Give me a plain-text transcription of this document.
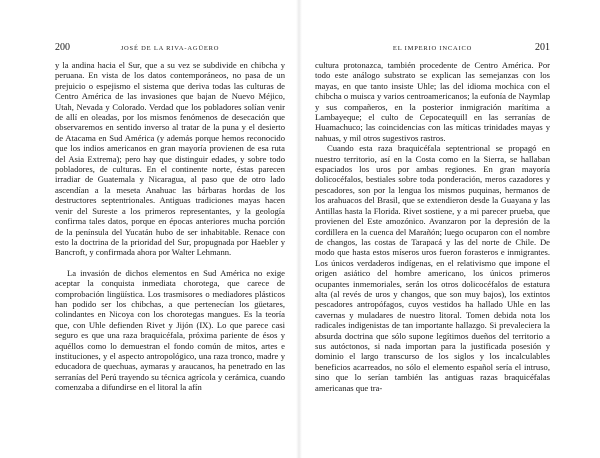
200	JOSÉ DE LA RIVA-AGÜERO

y la andina hacia el Sur, que a su vez se subdivide en chibcha y peruana. En vista de los datos contemporáneos, no pasa de un prejuicio o espejismo el sistema que deriva todas las culturas de Centro América de las invasiones que bajan de Nuevo Méjico, Utah, Nevada y Colorado. Verdad que los pobladores solían venir de allí en oleadas, por los mismos fenómenos de desecación que observaremos en sentido inverso al tratar de la puna y el desierto de Atacama en Sud América (y además porque hemos reconocido que los indios americanos en gran mayoría provienen de esa ruta del Asia Extrema); pero hay que distinguir edades, y sobre todo pobladores, de culturas. En el continente norte, éstas parecen irradiar de Guatemala y Nicaragua, al paso que de otro lado ascendían a la meseta Anahuac las bárbaras hordas de los destructores septentrionales. Antiguas tradiciones mayas hacen venir del Sureste a los primeros representantes, y la geología confirma tales datos, porque en épocas anteriores mucha porción de la península del Yucatán hubo de ser inhabitable. Renace con esto la doctrina de la prioridad del Sur, propugnada por Haebler y Bancroft, y confirmada ahora por Walter Lehmann.

La invasión de dichos elementos en Sud América no exige aceptar la conquista inmediata chorotega, que carece de comprobación lingüística. Los trasmisores o mediadores plásticos han podido ser los chibchas, a que pertenecían los güetares, colindantes en Nicoya con los chorotegas mangues. Es la teoría que, con Uhle defienden Rivet y Jijón (IX). Lo que parece casi seguro es que una raza braquicéfala, próxima pariente de ésos y aquéllos como lo demuestran el fondo común de mitos, artes e instituciones, y el aspecto antropológico, una raza tronco, madre y educadora de quechuas, aymaras y araucanos, ha penetrado en las serranías del Perú trayendo su técnica agrícola y cerámica, cuando comenzaba a difundirse en el litoral la afín

EL IMPERIO INCAICO	201

cultura protonazca, también procedente de Centro América. Por todo este análogo substrato se explican las semejanzas con los mayas, en que tanto insiste Uhle; las del idioma mochica con el chibcha o muisca y varios centroamericanos; la eufonía de Naymlap y sus compañeros, en la posterior inmigración marítima a Lambayeque; el culto de Cepocatequill en las serranías de Huamachuco; las coincidencias con las míticas trinidades mayas y nahuas, y mil otros sugestivos rastros.

Cuando esta raza braquicéfala septentrional se propagó en nuestro territorio, así en la Costa como en la Sierra, se hallaban espaciados los uros por ambas regiones. En gran mayoría dolicocéfalos, bestiales sobre toda ponderación, meros cazadores y pescadores, son por la lengua los mismos puquinas, hermanos de los arahuacos del Brasil, que se extendieron desde la Guayana y las Antillas hasta la Florida. Rivet sostiene, y a mi parecer prueba, que provienen del Este amozónico. Avanzaron por la depresión de la cordillera en la cuenca del Marañón; luego ocuparon con el nombre de changos, las costas de Tarapacá y las del norte de Chile. De modo que hasta estos míseros uros fueron forasteros e inmigrantes. Los únicos verdaderos indígenas, en el relativismo que impone el origen asiático del hombre americano, los únicos primeros ocupantes inmemoriales, serán los otros dolicocéfalos de estatura alta (al revés de uros y changos, que son muy bajos), los extintos pescadores antropófagos, cuyos vestidos ha hallado Uhle en las cavernas y muladares de nuestro litoral. Tomen debida nota los radicales indigenistas de tan importante hallazgo. Si prevaleciera la absurda doctrina que sólo supone legítimos dueños del territorio a sus autóctonos, si nada importan para la justificada posesión y dominio el largo transcurso de los siglos y los incalculables beneficios acarreados, no sólo el elemento español sería el intruso, sino que lo serían también las antiguas razas braquicéfalas americanas que tra-
